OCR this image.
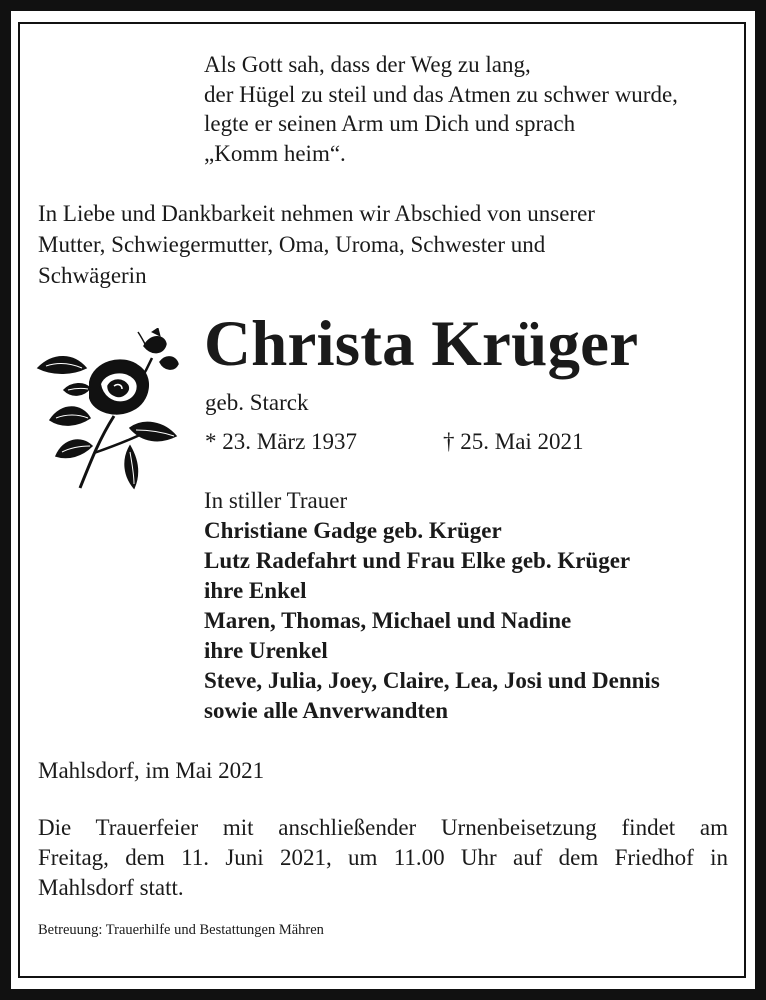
Als Gott sah, dass der Weg zu lang,
der Hügel zu steil und das Atmen zu schwer wurde,
legte er seinen Arm um Dich und sprach
„Komm heim“.
In Liebe und Dankbarkeit nehmen wir Abschied von unserer
Mutter, Schwiegermutter, Oma, Uroma, Schwester und
Schwägerin
Christa Krüger
geb. Starck
* 23. März 1937	† 25. Mai 2021
In stiller Trauer
Christiane Gadge geb. Krüger
Lutz Radefahrt und Frau Elke geb. Krüger
ihre Enkel
Maren, Thomas, Michael und Nadine
ihre Urenkel
Steve, Julia, Joey, Claire, Lea, Josi und Dennis
sowie alle Anverwandten
Mahlsdorf, im Mai 2021
Die Trauerfeier mit anschließender Urnenbeisetzung findet am
Freitag, dem 11. Juni 2021, um 11.00 Uhr auf dem Friedhof in
Mahlsdorf statt.
Betreuung: Trauerhilfe und Bestattungen Mähren
